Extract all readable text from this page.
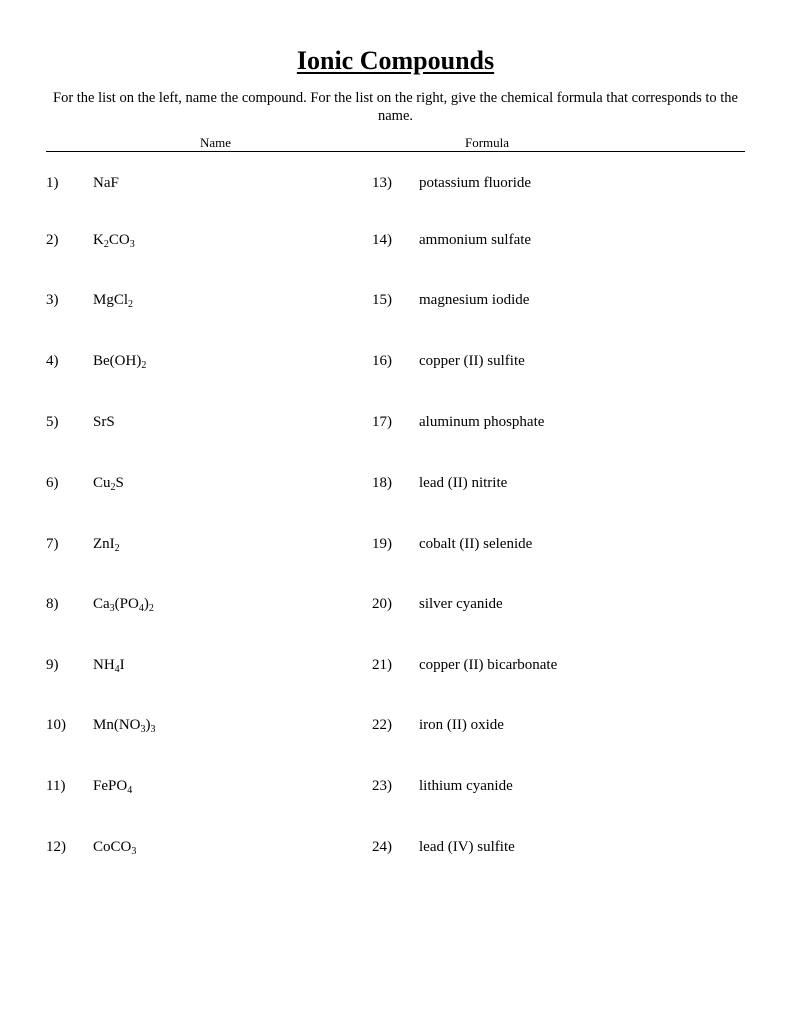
Ionic Compounds
For the list on the left, name the compound. For the list on the right, give the chemical formula that corresponds to the name.
Name	Formula
1) NaF	13) potassium fluoride
2) $K_2CO_3$	14) ammonium sulfate
3) MgCl$_2$	15) magnesium iodide
4) $Be(OH)_2$	16) copper (II) sulfite
5) SrS	17) aluminum phosphate
6) $Cu_2S$	18) lead (II) nitrite
7) ZnI$_2$	19) cobalt (II) selenide
8) $Ca_3(PO_4)_2$	20) silver cyanide
9) $NH_4I$	21) copper (II) bicarbonate
10) $Mn(NO_3)_3$	22) iron (II) oxide
11) FePO$_4$	23) lithium cyanide
12) CoCO$_3$	24) lead (IV) sulfite
